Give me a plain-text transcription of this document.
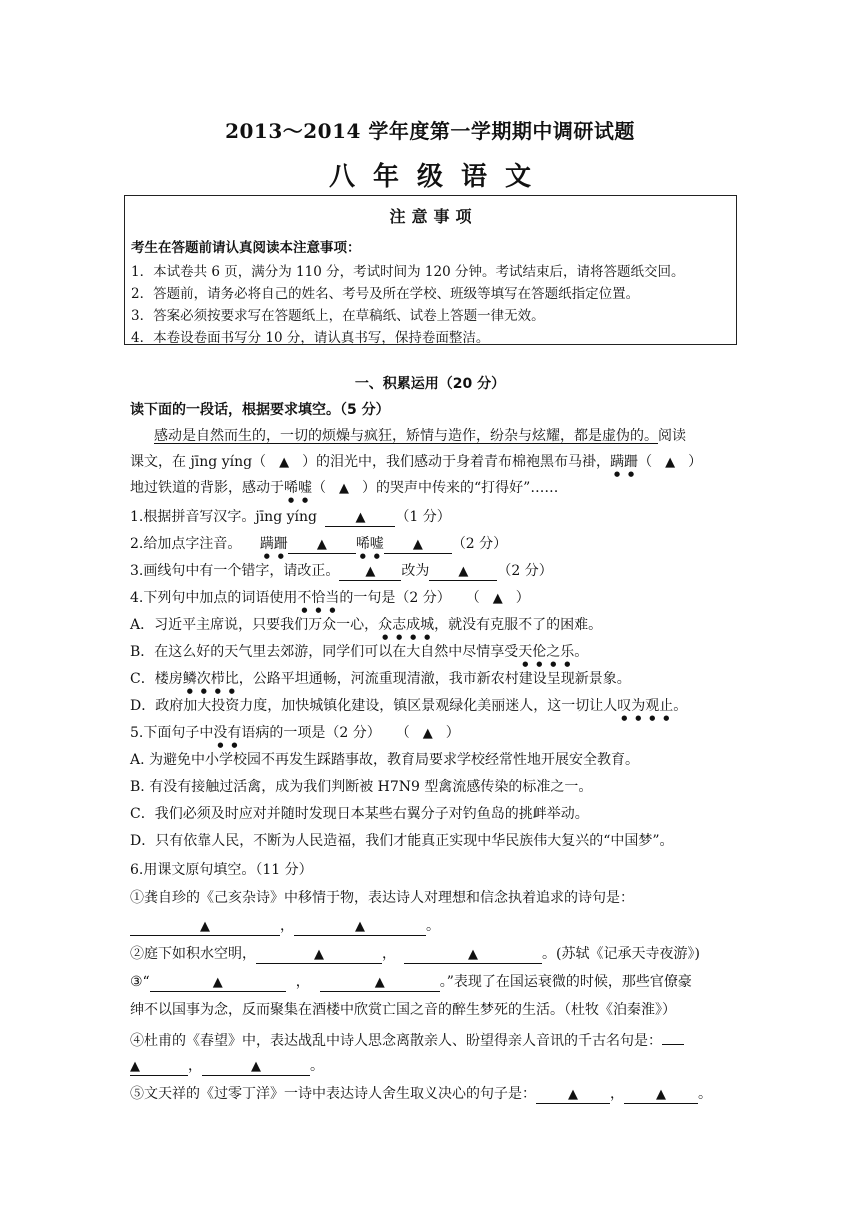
2013～2014 学年度第一学期期中调研试题
八 年 级 语 文
注 意 事 项
考生在答题前请认真阅读本注意事项：
1．本试卷共 6 页，满分为 110 分，考试时间为 120 分钟。考试结束后，请将答题纸交回。
2．答题前，请务必将自己的姓名、考号及所在学校、班级等填写在答题纸指定位置。
3．答案必须按要求写在答题纸上，在草稿纸、试卷上答题一律无效。
4．本卷设卷面书写分 10 分，请认真书写，保持卷面整洁。
一、积累运用（20 分）
读下面的一段话，根据要求填空。（5 分）
感动是自然而生的，一切的烦燥与疯狂，矫情与造作，纷杂与炫耀，都是虚伪的。阅读
课文，在 jīng yíng（ ▲ ）的泪光中，我们感动于身着青布棉袍黑布马褂，蹒跚（ ▲ ）
地过铁道的背影，感动于唏嘘（ ▲ ）的哭声中传来的“打得好”……
1.根据拼音写汉字。jīng yíng	▲ （1 分）
2.给加点字注音。 蹒跚 ▲ 唏嘘 ▲ （2 分）
3.画线句中有一个错字，请改正。 ▲ 改为 ▲ （2 分）
4.下列句中加点的词语使用不恰当的一句是（2 分） （ ▲ ）
A．习近平主席说，只要我们万众一心，众志成城，就没有克服不了的困难。
B．在这么好的天气里去郊游，同学们可以在大自然中尽情享受天伦之乐。
C．楼房鳞次栉比，公路平坦通畅，河流重现清澈，我市新农村建设呈现新景象。
D．政府加大投资力度，加快城镇化建设，镇区景观绿化美丽迷人，这一切让人叹为观止。
5.下面句子中没有语病的一项是（2 分） （ ▲ ）
A. 为避免中小学校园不再发生踩踏事故，教育局要求学校经常性地开展安全教育。
B. 有没有接触过活禽，成为我们判断被 H7N9 型禽流感传染的标准之一。
C．我们必须及时应对并随时发现日本某些右翼分子对钓鱼岛的挑衅举动。
D．只有依靠人民，不断为人民造福，我们才能真正实现中华民族伟大复兴的“中国梦”。
6.用课文原句填空。（11 分）
①龚自珍的《己亥杂诗》中移情于物，表达诗人对理想和信念执着追求的诗句是：
▲	，	▲	。
②庭下如积水空明，	▲	，	▲	。(苏轼《记承天寺夜游》)
③“	▲	，	▲	。”表现了在国运衰微的时候，那些官僚豪
绅不以国事为念，反而聚集在酒楼中欣赏亡国之音的醉生梦死的生活。（杜牧《泊秦淮》）
④杜甫的《春望》中，表达战乱中诗人思念离散亲人、盼望得亲人音讯的千古名句是：
▲	，	▲	。
⑤文天祥的《过零丁洋》一诗中表达诗人舍生取义决心的句子是： ▲ ， ▲ 。
